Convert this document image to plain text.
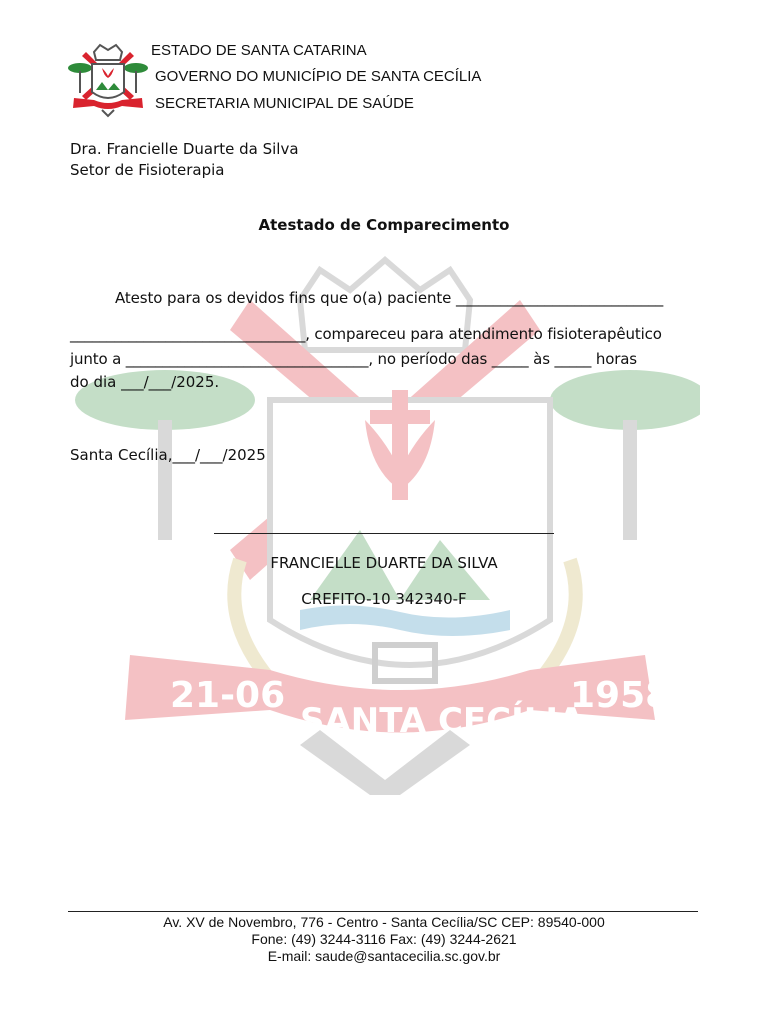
21-06
SANTA CECÍLIA
1958
ESTADO DE SANTA CATARINA
GOVERNO DO MUNICÍPIO DE SANTA CECÍLIA
SECRETARIA MUNICIPAL DE SAÚDE
Dra. Francielle Duarte da Silva
Setor de Fisioterapia
Atestado de Comparecimento
Atesto para os devidos fins que o(a) paciente ____________________________
________________________________, compareceu para atendimento fisioterapêutico
junto a _________________________________, no período das _____ às _____ horas
do dia ___/___/2025.
Santa Cecília,___/___/2025
FRANCIELLE DUARTE DA SILVA
CREFITO-10 342340-F
Av. XV de Novembro, 776 - Centro - Santa Cecília/SC CEP: 89540-000
Fone: (49) 3244-3116 Fax: (49) 3244-2621
E-mail: saude@santacecilia.sc.gov.br
